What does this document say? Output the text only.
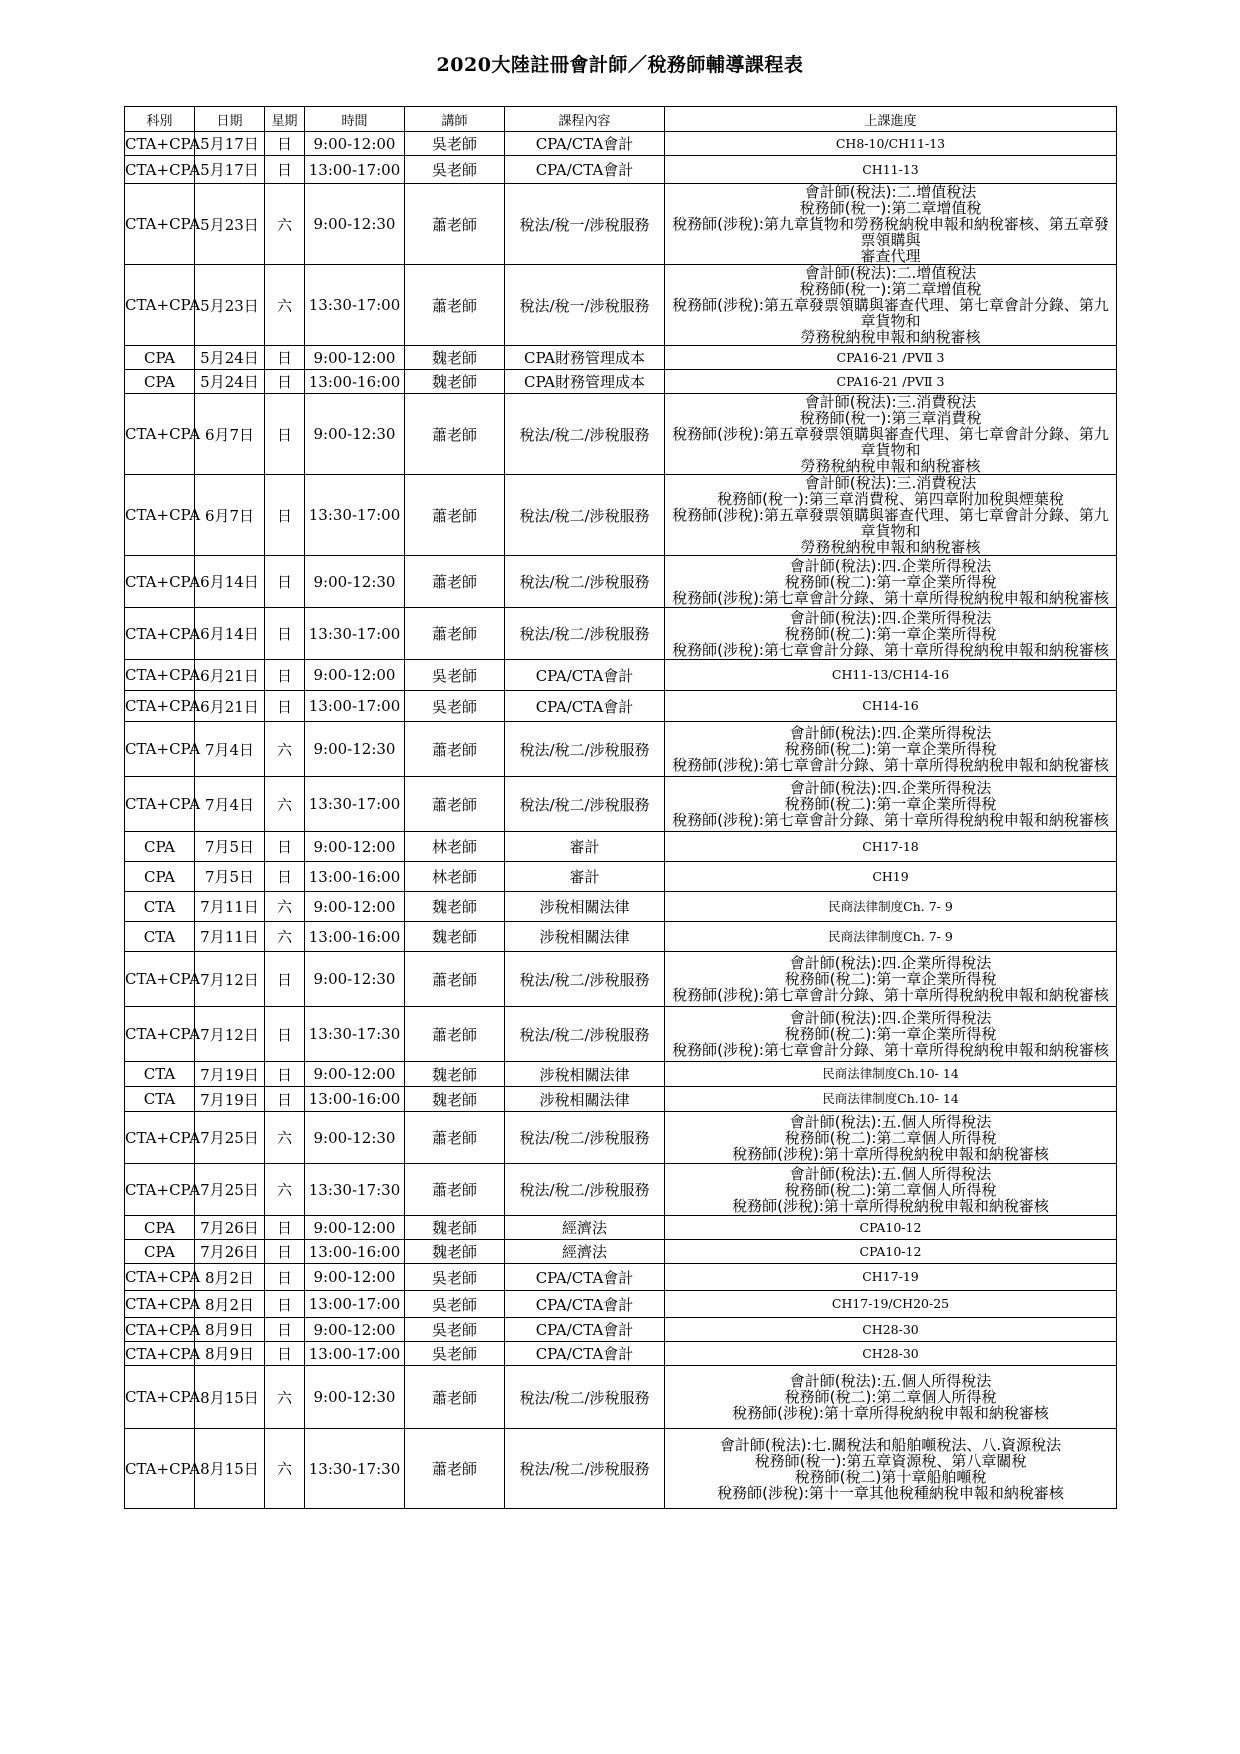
2020大陸註冊會計師／稅務師輔導課程表
科別	日期	星期	時間	講師	課程內容	上課進度
CTA+CPA	5月17日	日	9:00-12:00	吳老師	CPA/CTA會計	CH8-10/CH11-13
CTA+CPA	5月17日	日	13:00-17:00	吳老師	CPA/CTA會計	CH11-13
CTA+CPA	5月23日	六	9:00-12:30	蕭老師	稅法/稅一/涉稅服務	會計師(稅法):二.增值稅法
稅務師(稅一):第二章增值稅
稅務師(涉稅):第九章貨物和勞務稅納稅申報和納稅審核、第五章發票領購與
審查代理
CTA+CPA	5月23日	六	13:30-17:00	蕭老師	稅法/稅一/涉稅服務	會計師(稅法):二.增值稅法
稅務師(稅一):第二章增值稅
稅務師(涉稅):第五章發票領購與審查代理、第七章會計分錄、第九章貨物和
勞務稅納稅申報和納稅審核
CPA	5月24日	日	9:00-12:00	魏老師	CPA財務管理成本	CPA16-21 /PVⅡ 3
CPA	5月24日	日	13:00-16:00	魏老師	CPA財務管理成本	CPA16-21 /PVⅡ 3
CTA+CPA	6月7日	日	9:00-12:30	蕭老師	稅法/稅二/涉稅服務	會計師(稅法):三.消費稅法
稅務師(稅一):第三章消費稅
稅務師(涉稅):第五章發票領購與審查代理、第七章會計分錄、第九章貨物和
勞務稅納稅申報和納稅審核
CTA+CPA	6月7日	日	13:30-17:00	蕭老師	稅法/稅二/涉稅服務	會計師(稅法):三.消費稅法
稅務師(稅一):第三章消費稅、第四章附加稅與煙葉稅
稅務師(涉稅):第五章發票領購與審查代理、第七章會計分錄、第九章貨物和
勞務稅納稅申報和納稅審核
CTA+CPA	6月14日	日	9:00-12:30	蕭老師	稅法/稅二/涉稅服務	會計師(稅法):四.企業所得稅法
稅務師(稅二):第一章企業所得稅
稅務師(涉稅):第七章會計分錄、第十章所得稅納稅申報和納稅審核
CTA+CPA	6月14日	日	13:30-17:00	蕭老師	稅法/稅二/涉稅服務	會計師(稅法):四.企業所得稅法
稅務師(稅二):第一章企業所得稅
稅務師(涉稅):第七章會計分錄、第十章所得稅納稅申報和納稅審核
CTA+CPA	6月21日	日	9:00-12:00	吳老師	CPA/CTA會計	CH11-13/CH14-16
CTA+CPA	6月21日	日	13:00-17:00	吳老師	CPA/CTA會計	CH14-16
CTA+CPA	7月4日	六	9:00-12:30	蕭老師	稅法/稅二/涉稅服務	會計師(稅法):四.企業所得稅法
稅務師(稅二):第一章企業所得稅
稅務師(涉稅):第七章會計分錄、第十章所得稅納稅申報和納稅審核
CTA+CPA	7月4日	六	13:30-17:00	蕭老師	稅法/稅二/涉稅服務	會計師(稅法):四.企業所得稅法
稅務師(稅二):第一章企業所得稅
稅務師(涉稅):第七章會計分錄、第十章所得稅納稅申報和納稅審核
CPA	7月5日	日	9:00-12:00	林老師	審計	CH17-18
CPA	7月5日	日	13:00-16:00	林老師	審計	CH19
CTA	7月11日	六	9:00-12:00	魏老師	涉稅相關法律	民商法律制度Ch. 7- 9
CTA	7月11日	六	13:00-16:00	魏老師	涉稅相關法律	民商法律制度Ch. 7- 9
CTA+CPA	7月12日	日	9:00-12:30	蕭老師	稅法/稅二/涉稅服務	會計師(稅法):四.企業所得稅法
稅務師(稅二):第一章企業所得稅
稅務師(涉稅):第七章會計分錄、第十章所得稅納稅申報和納稅審核
CTA+CPA	7月12日	日	13:30-17:30	蕭老師	稅法/稅二/涉稅服務	會計師(稅法):四.企業所得稅法
稅務師(稅二):第一章企業所得稅
稅務師(涉稅):第七章會計分錄、第十章所得稅納稅申報和納稅審核
CTA	7月19日	日	9:00-12:00	魏老師	涉稅相關法律	民商法律制度Ch.10- 14
CTA	7月19日	日	13:00-16:00	魏老師	涉稅相關法律	民商法律制度Ch.10- 14
CTA+CPA	7月25日	六	9:00-12:30	蕭老師	稅法/稅二/涉稅服務	會計師(稅法):五.個人所得稅法
稅務師(稅二):第二章個人所得稅
稅務師(涉稅):第十章所得稅納稅申報和納稅審核
CTA+CPA	7月25日	六	13:30-17:30	蕭老師	稅法/稅二/涉稅服務	會計師(稅法):五.個人所得稅法
稅務師(稅二):第二章個人所得稅
稅務師(涉稅):第十章所得稅納稅申報和納稅審核
CPA	7月26日	日	9:00-12:00	魏老師	經濟法	CPA10-12
CPA	7月26日	日	13:00-16:00	魏老師	經濟法	CPA10-12
CTA+CPA	8月2日	日	9:00-12:00	吳老師	CPA/CTA會計	CH17-19
CTA+CPA	8月2日	日	13:00-17:00	吳老師	CPA/CTA會計	CH17-19/CH20-25
CTA+CPA	8月9日	日	9:00-12:00	吳老師	CPA/CTA會計	CH28-30
CTA+CPA	8月9日	日	13:00-17:00	吳老師	CPA/CTA會計	CH28-30
CTA+CPA	8月15日	六	9:00-12:30	蕭老師	稅法/稅二/涉稅服務	會計師(稅法):五.個人所得稅法
稅務師(稅二):第二章個人所得稅
稅務師(涉稅):第十章所得稅納稅申報和納稅審核
CTA+CPA	8月15日	六	13:30-17:30	蕭老師	稅法/稅二/涉稅服務	會計師(稅法):七.關稅法和船舶噸稅法、八.資源稅法
稅務師(稅一):第五章資源稅、第八章關稅
稅務師(稅二)第十章船舶噸稅
稅務師(涉稅):第十一章其他稅種納稅申報和納稅審核
